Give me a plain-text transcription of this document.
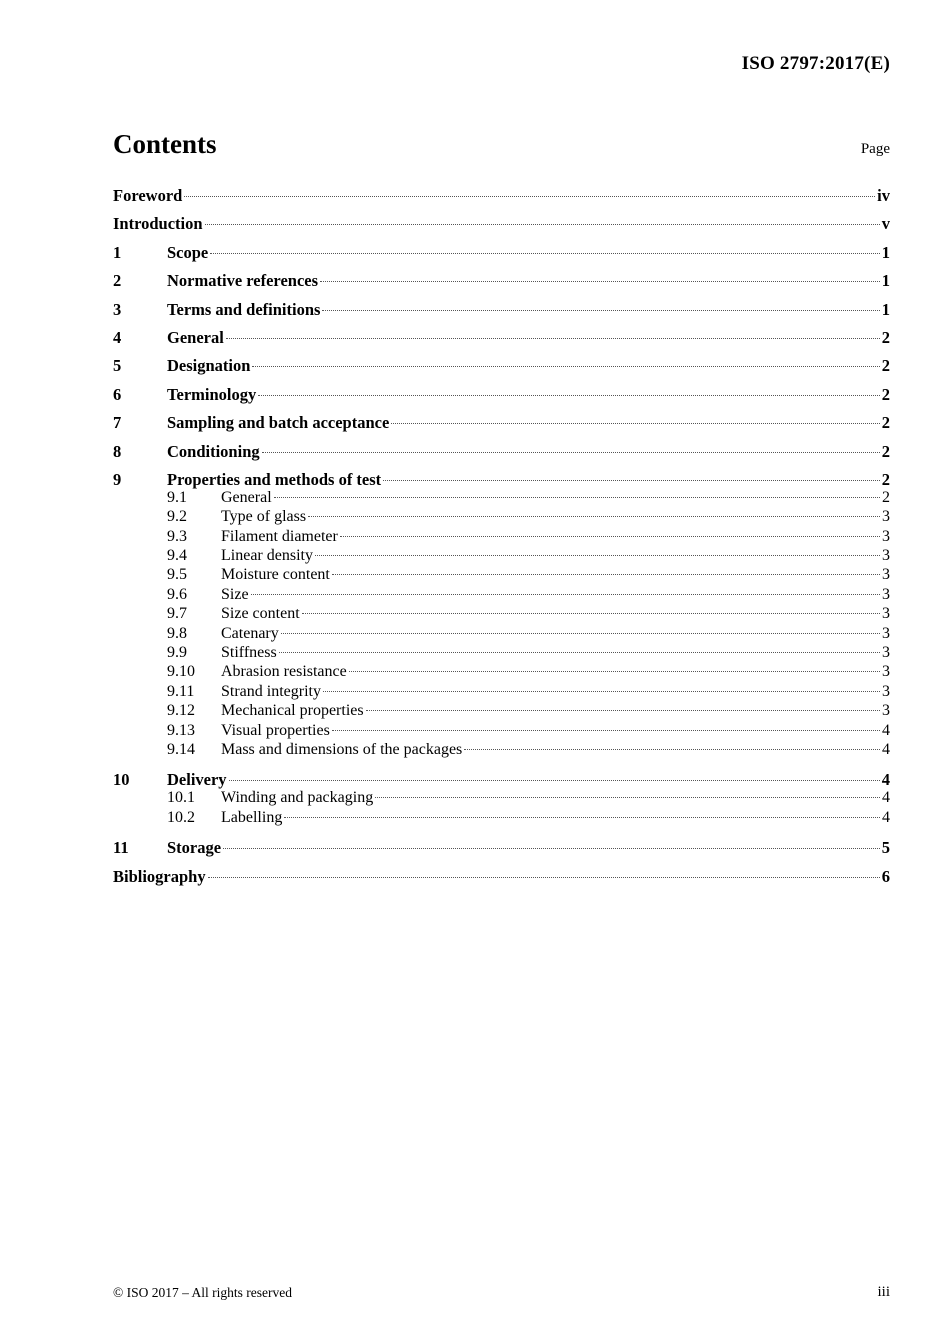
ISO 2797:2017(E)
Contents	Page
Foreword	iv
Introduction	v
1	Scope	1
2	Normative references	1
3	Terms and definitions	1
4	General	2
5	Designation	2
6	Terminology	2
7	Sampling and batch acceptance	2
8	Conditioning	2
9	Properties and methods of test	2
9.1	General	2
9.2	Type of glass	3
9.3	Filament diameter	3
9.4	Linear density	3
9.5	Moisture content	3
9.6	Size	3
9.7	Size content	3
9.8	Catenary	3
9.9	Stiffness	3
9.10	Abrasion resistance	3
9.11	Strand integrity	3
9.12	Mechanical properties	3
9.13	Visual properties	4
9.14	Mass and dimensions of the packages	4
10	Delivery	4
10.1	Winding and packaging	4
10.2	Labelling	4
11	Storage	5
Bibliography	6
© ISO 2017 – All rights reserved	iii
